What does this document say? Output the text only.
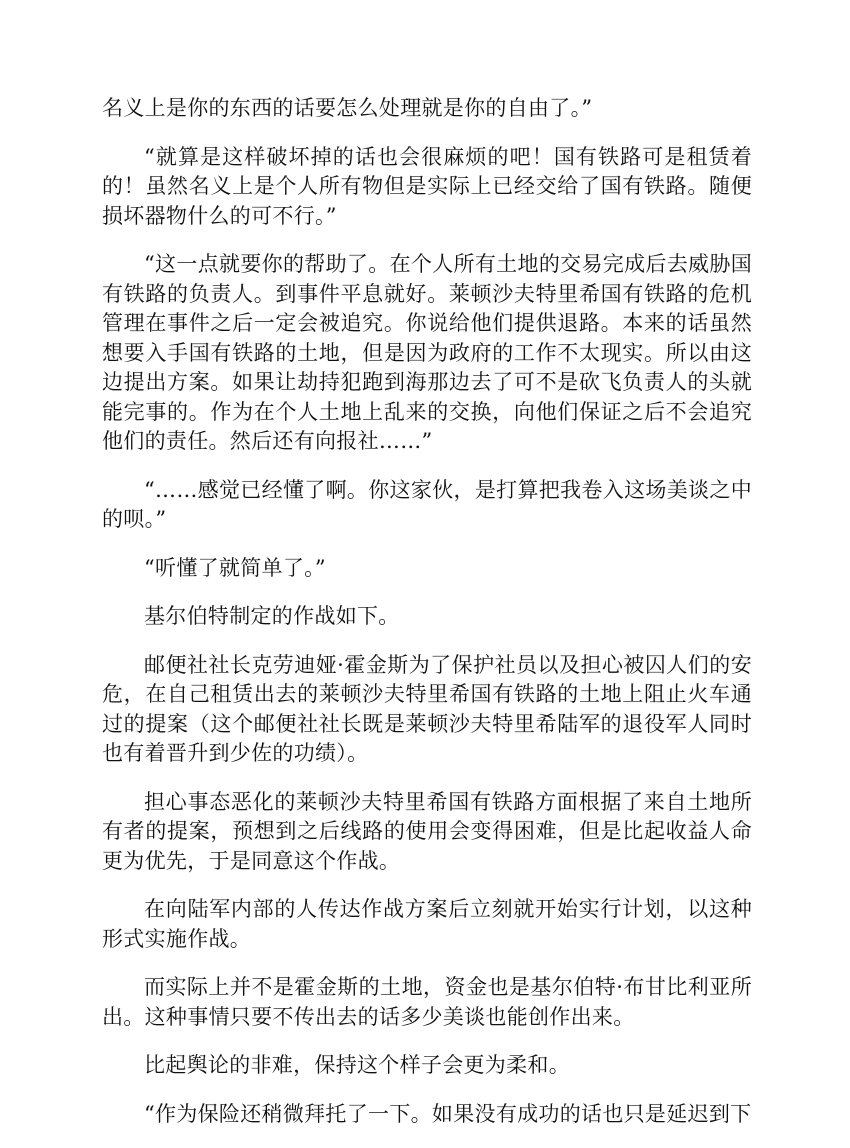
名义上是你的东西的话要怎么处理就是你的自由了。”

“就算是这样破坏掉的话也会很麻烦的吧！国有铁路可是租赁着的！虽然名义上是个人所有物但是实际上已经交给了国有铁路。随便损坏器物什么的可不行。”

“这一点就要你的帮助了。在个人所有土地的交易完成后去威胁国有铁路的负责人。到事件平息就好。莱顿沙夫特里希国有铁路的危机管理在事件之后一定会被追究。你说给他们提供退路。本来的话虽然想要入手国有铁路的土地，但是因为政府的工作不太现实。所以由这边提出方案。如果让劫持犯跑到海那边去了可不是砍飞负责人的头就能完事的。作为在个人土地上乱来的交换，向他们保证之后不会追究他们的责任。然后还有向报社……”

“……感觉已经懂了啊。你这家伙，是打算把我卷入这场美谈之中的呗。”

“听懂了就简单了。”

基尔伯特制定的作战如下。

邮便社社长克劳迪娅·霍金斯为了保护社员以及担心被囚人们的安危，在自己租赁出去的莱顿沙夫特里希国有铁路的土地上阻止火车通过的提案（这个邮便社社长既是莱顿沙夫特里希陆军的退役军人同时也有着晋升到少佐的功绩）。

担心事态恶化的莱顿沙夫特里希国有铁路方面根据了来自土地所有者的提案，预想到之后线路的使用会变得困难，但是比起收益人命更为优先，于是同意这个作战。

在向陆军内部的人传达作战方案后立刻就开始实行计划，以这种形式实施作战。

而实际上并不是霍金斯的土地，资金也是基尔伯特·布甘比利亚所出。这种事情只要不传出去的话多少美谈也能创作出来。

比起舆论的非难，保持这个样子会更为柔和。

“作为保险还稍微拜托了一下。如果没有成功的话也只是延迟到下
